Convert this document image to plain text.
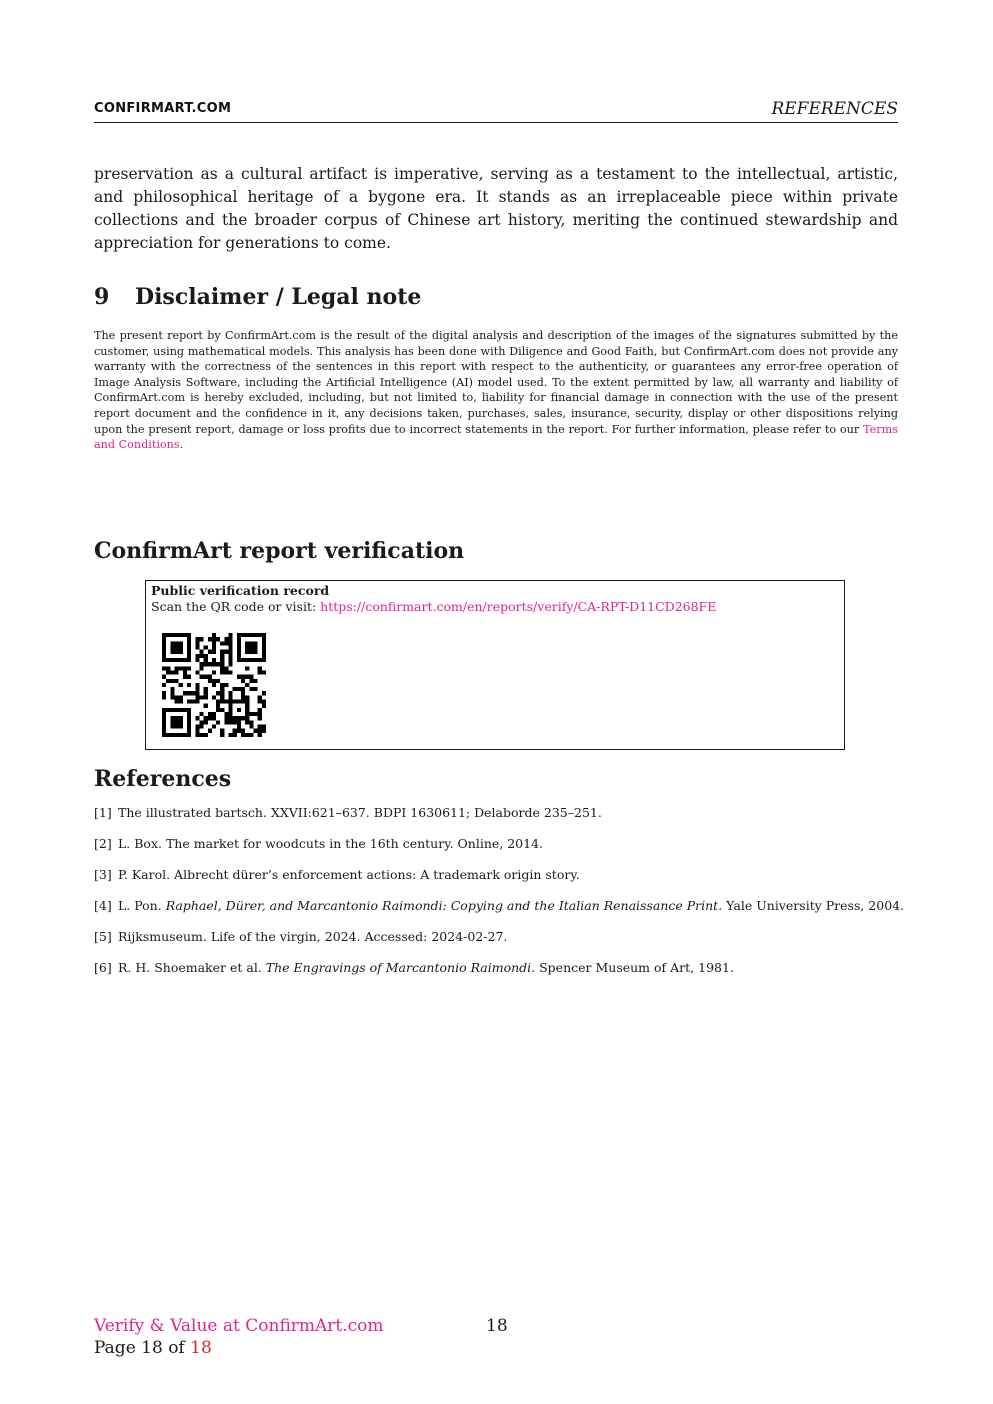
CONFIRMART.COM	REFERENCES

preservation as a cultural artifact is imperative, serving as a testament to the intellectual, artistic, and philosophical heritage of a bygone era. It stands as an irreplaceable piece within private collections and the broader corpus of Chinese art history, meriting the continued stewardship and appreciation for generations to come.

9 Disclaimer / Legal note

The present report by ConfirmArt.com is the result of the digital analysis and description of the images of the signatures submitted by the customer, using mathematical models. This analysis has been done with Diligence and Good Faith, but ConfirmArt.com does not provide any warranty with the correctness of the sentences in this report with respect to the authenticity, or guarantees any error-free operation of Image Analysis Software, including the Artificial Intelligence (AI) model used. To the extent permitted by law, all warranty and liability of ConfirmArt.com is hereby excluded, including, but not limited to, liability for financial damage in connection with the use of the present report document and the confidence in it, any decisions taken, purchases, sales, insurance, security, display or other dispositions relying upon the present report, damage or loss profits due to incorrect statements in the report. For further information, please refer to our Terms and Conditions.

ConfirmArt report verification
Public verification record
Scan the QR code or visit: https://confirmart.com/en/reports/verify/CA-RPT-D11CD268FE
References
[1] The illustrated bartsch. XXVII:621–637. BDPI 1630611; Delaborde 235–251.
[2] L. Box. The market for woodcuts in the 16th century. Online, 2014.
[3] P. Karol. Albrecht dürer’s enforcement actions: A trademark origin story.
[4] L. Pon. Raphael, Dürer, and Marcantonio Raimondi: Copying and the Italian Renaissance Print. Yale University Press, 2004.
[5] Rijksmuseum. Life of the virgin, 2024. Accessed: 2024-02-27.
[6] R. H. Shoemaker et al. The Engravings of Marcantonio Raimondi. Spencer Museum of Art, 1981.
Verify & Value at ConfirmArt.com	18
Page 18 of 18
